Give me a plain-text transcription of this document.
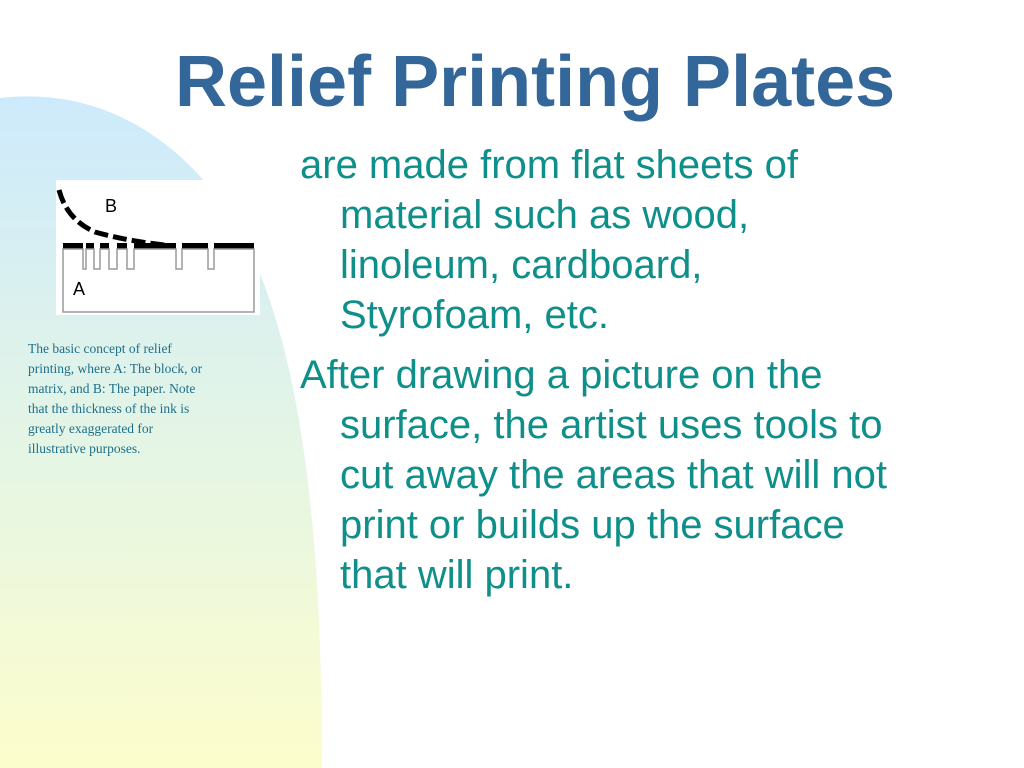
Relief Printing Plates

are made from flat sheets of
material such as wood,
linoleum, cardboard,
Styrofoam, etc.

After drawing a picture on the
surface, the artist uses tools to
cut away the areas that will not
print or builds up the surface
that will print.

A
B
The basic concept of relief
printing, where A: The block, or
matrix, and B: The paper. Note
that the thickness of the ink is
greatly exaggerated for
illustrative purposes.
